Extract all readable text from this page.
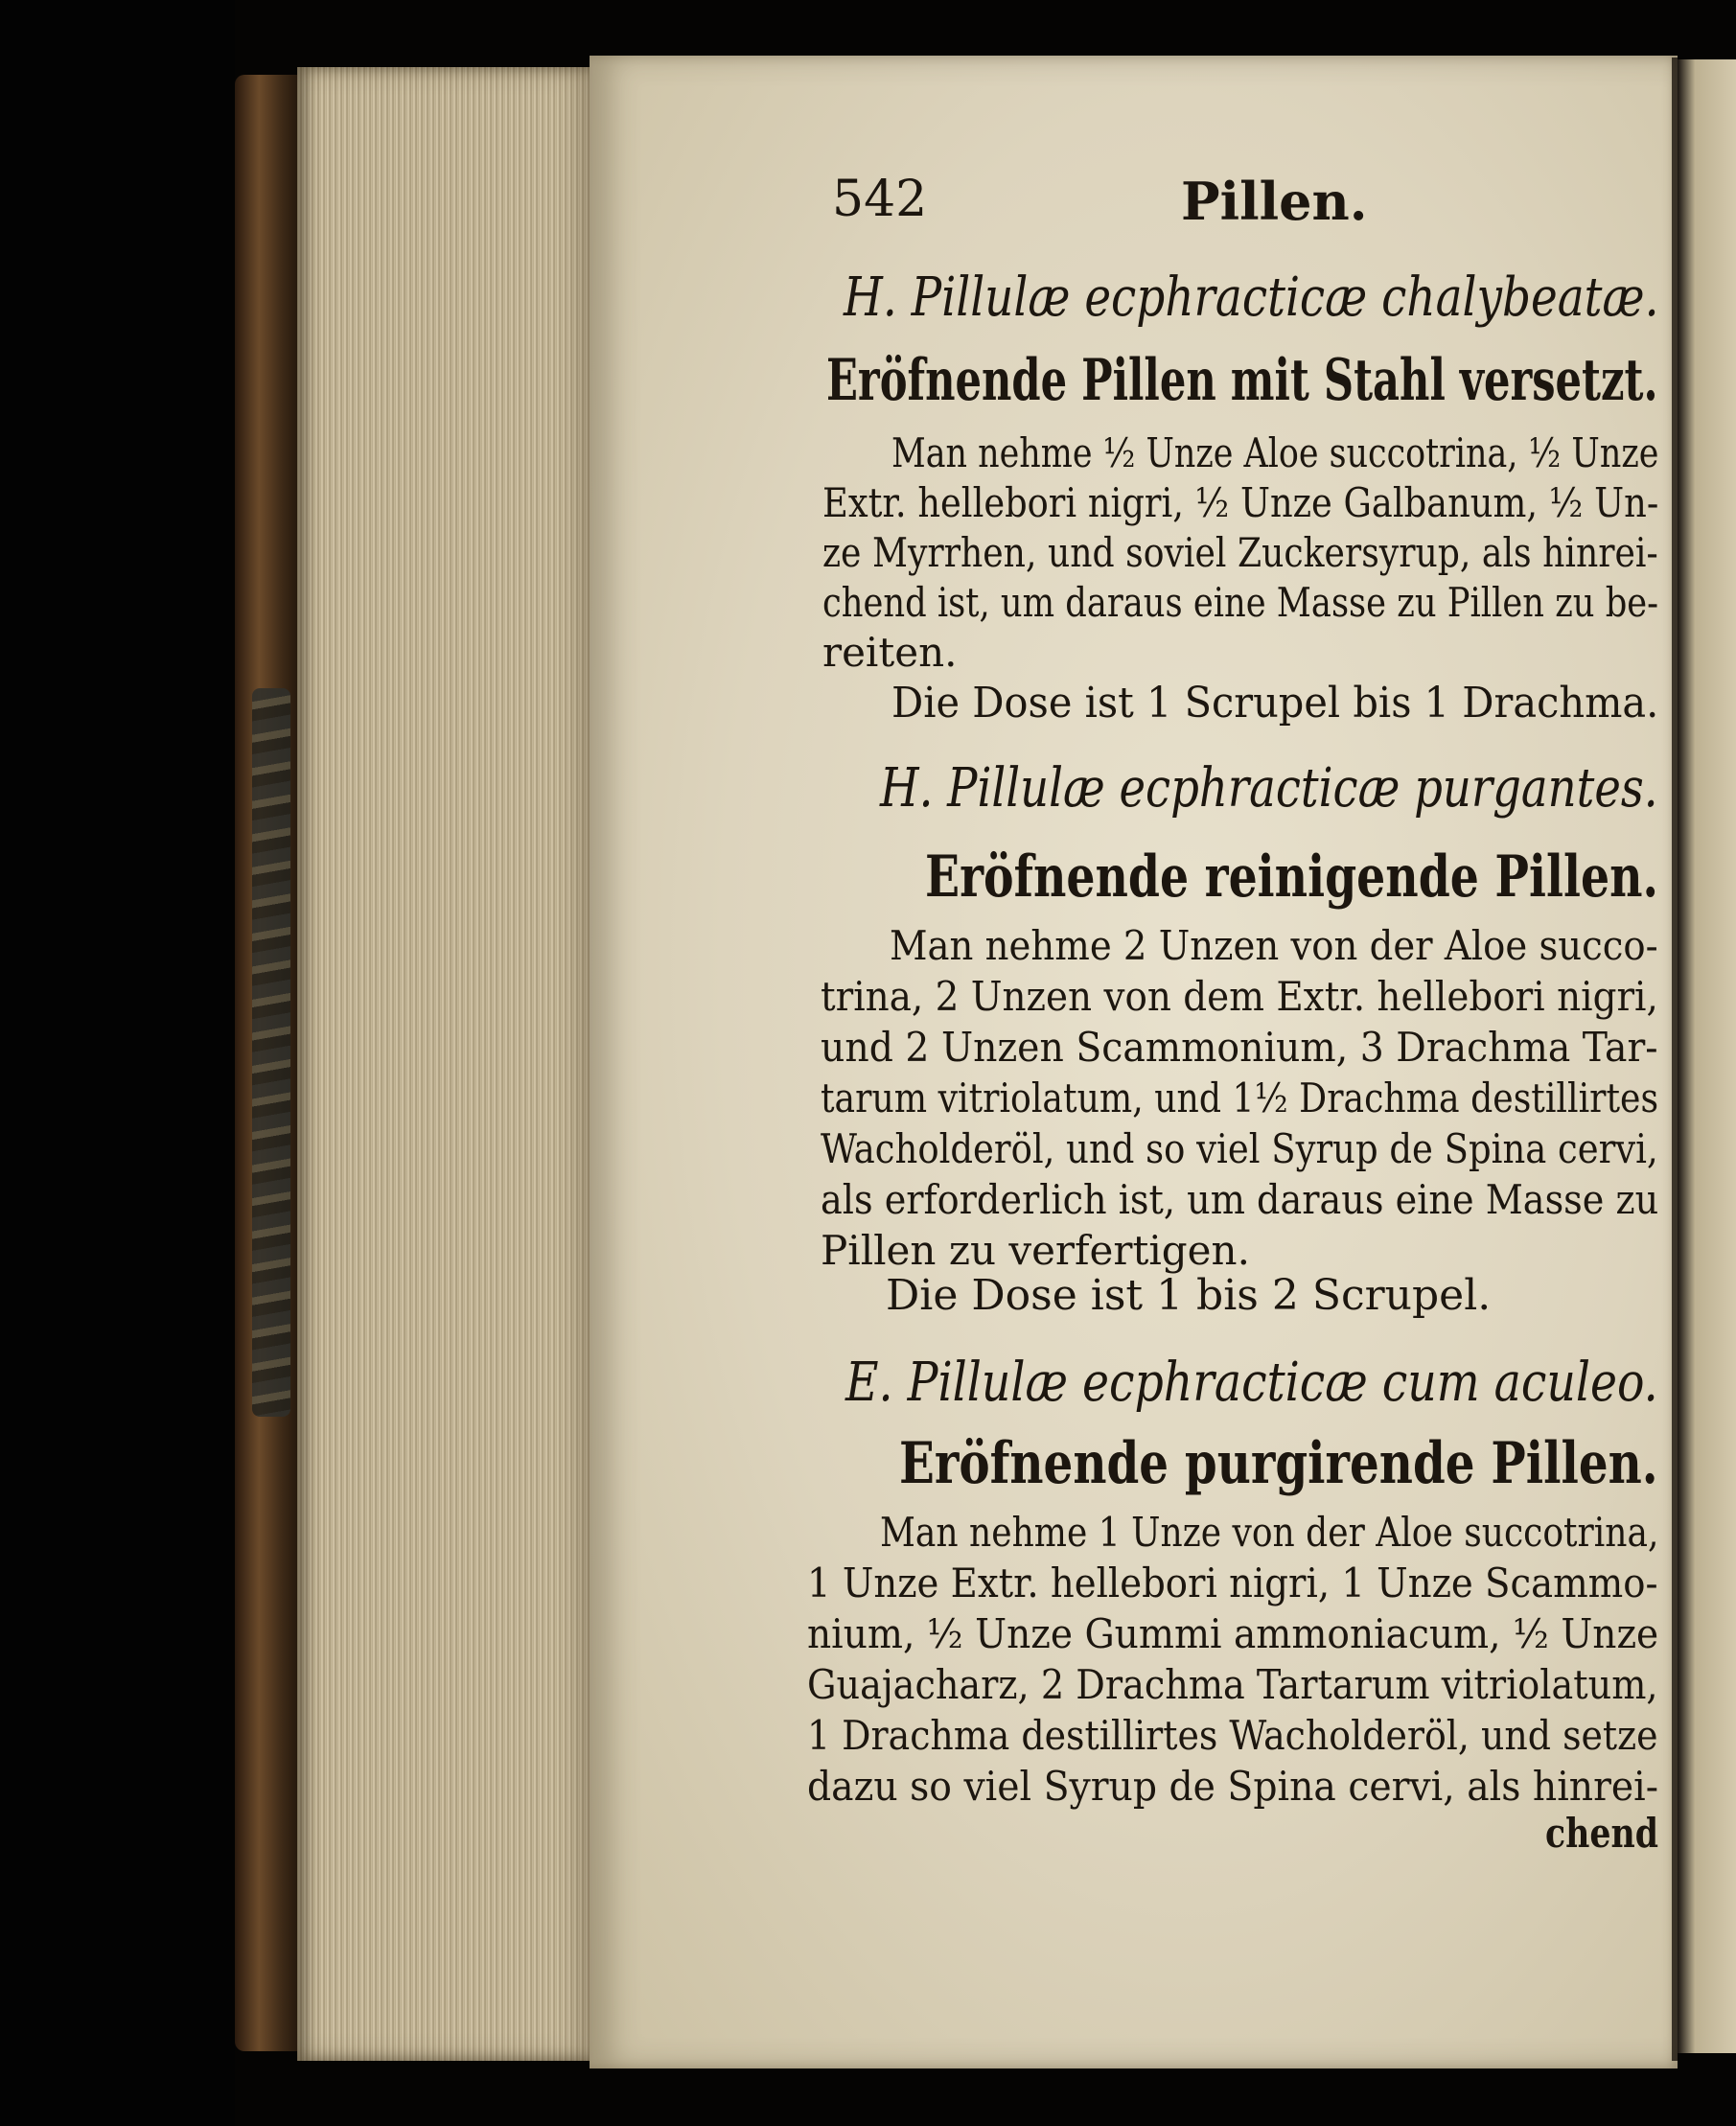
542	Pillen.
H. Pillulæ ecphracticæ chalybeatæ.
Eröfnende Pillen mit Stahl versetzt.
Man nehme ½ Unze Aloe succotrina, ½ Unze
Extr. hellebori nigri, ½ Unze Galbanum, ½ Un-
ze Myrrhen, und soviel Zuckersyrup, als hinrei-
chend ist, um daraus eine Masse zu Pillen zu be-
reiten.
Die Dose ist 1 Scrupel bis 1 Drachma.
H. Pillulæ ecphracticæ purgantes.
Eröfnende reinigende Pillen.
Man nehme 2 Unzen von der Aloe succo-
trina, 2 Unzen von dem Extr. hellebori nigri,
und 2 Unzen Scammonium, 3 Drachma Tar-
tarum vitriolatum, und 1½ Drachma destillirtes
Wacholderöl, und so viel Syrup de Spina cervi,
als erforderlich ist, um daraus eine Masse zu
Pillen zu verfertigen.
Die Dose ist 1 bis 2 Scrupel.
E. Pillulæ ecphracticæ cum aculeo.
Eröfnende purgirende Pillen.
Man nehme 1 Unze von der Aloe succotrina,
1 Unze Extr. hellebori nigri, 1 Unze Scammo-
nium, ½ Unze Gummi ammoniacum, ½ Unze
Guajacharz, 2 Drachma Tartarum vitriolatum,
1 Drachma destillirtes Wacholderöl, und setze
dazu so viel Syrup de Spina cervi, als hinrei-
chend
